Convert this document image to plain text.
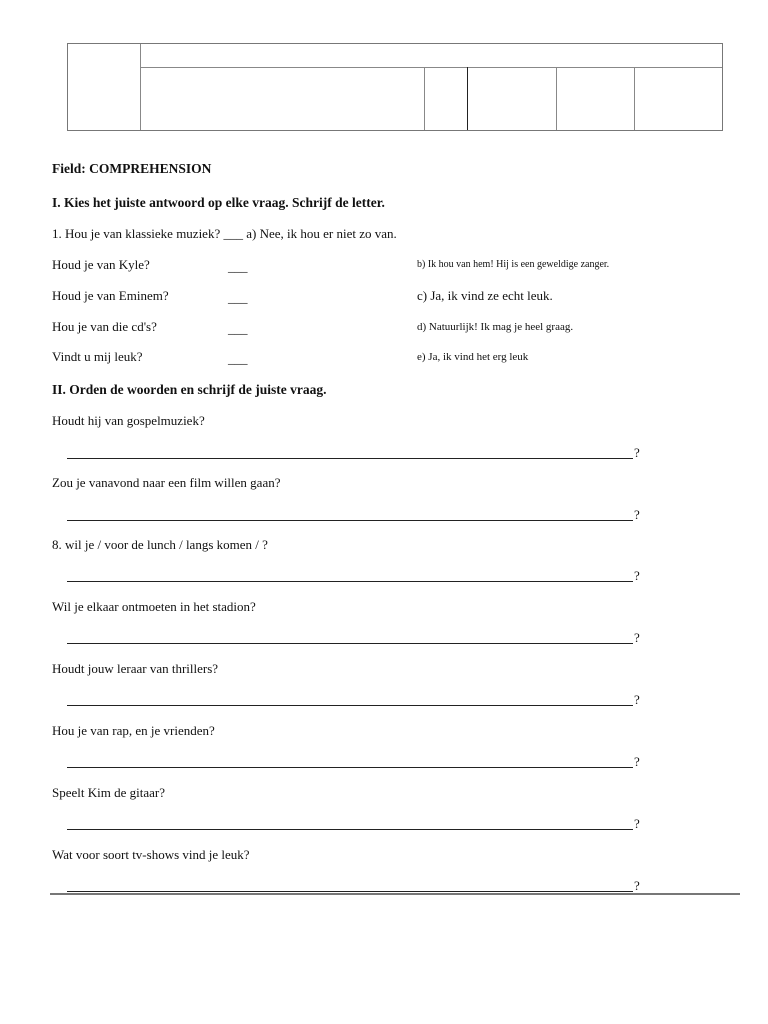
Field: COMPREHENSION
I. Kies het juiste antwoord op elke vraag. Schrijf de letter.
1. Hou je van klassieke muziek? ___ a) Nee, ik hou er niet zo van.
Houd je van Kyle?	___	b) Ik hou van hem! Hij is een geweldige zanger.
Houd je van Eminem?	___	c) Ja, ik vind ze echt leuk.
Hou je van die cd's?	___	d) Natuurlijk! Ik mag je heel graag.
Vindt u mij leuk?	___	e) Ja, ik vind het erg leuk
II. Orden de woorden en schrijf de juiste vraag.
Houdt hij van gospelmuziek?
?
Zou je vanavond naar een film willen gaan?
?
8. wil je / voor de lunch / langs komen / ?
?
Wil je elkaar ontmoeten in het stadion?
?
Houdt jouw leraar van thrillers?
?
Hou je van rap, en je vrienden?
?
Speelt Kim de gitaar?
?
Wat voor soort tv-shows vind je leuk?
?
